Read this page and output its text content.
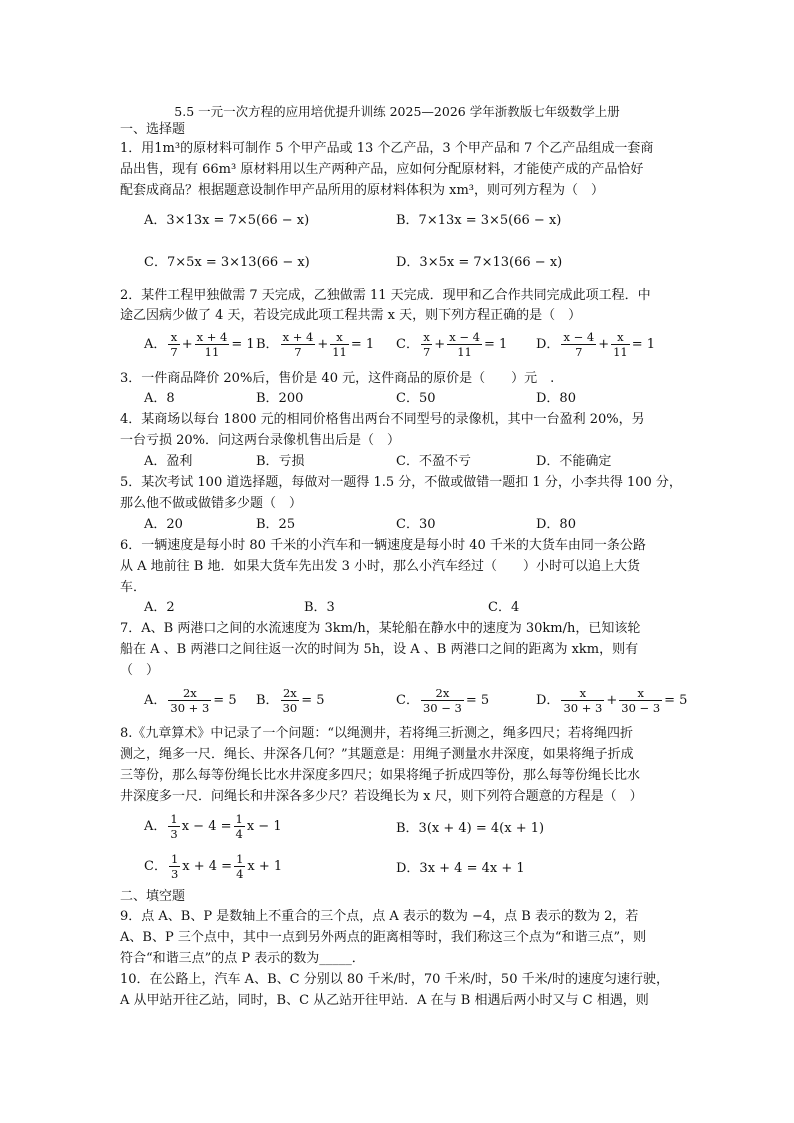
5.5 一元一次方程的应用培优提升训练 2025—2026 学年浙教版七年级数学上册
一、选择题
1．用1m³的原材料可制作 5 个甲产品或 13 个乙产品，3 个甲产品和 7 个乙产品组成一套商
品出售，现有 66m³ 原材料用以生产两种产品，应如何分配原材料，才能使产成的产品恰好
配套成商品？根据题意设制作甲产品所用的原材料体积为 xm³，则可列方程为（　）
A．3×13x = 7×5(66 − x)	B．7×13x = 3×5(66 − x)
C．7×5x = 3×13(66 − x)	D．3×5x = 7×13(66 − x)
2．某件工程甲独做需 7 天完成，乙独做需 11 天完成．现甲和乙合作共同完成此项工程．中
途乙因病少做了 4 天，若设完成此项工程共需 x 天，则下列方程正确的是（　）
A． $\frac{x}{7} + \frac{x + 4}{11} = 1$ B． $\frac{x + 4}{7} + \frac{x}{11} = 1$ C． $\frac{x}{7} + \frac{x - 4}{11} = 1$ D． $\frac{x - 4}{7} + \frac{x}{11} = 1$
3．一件商品降价 20%后，售价是 40 元，这件商品的原价是（　　）元　.
A．8	B．200	C．50	D．80
4．某商场以每台 1800 元的相同价格售出两台不同型号的录像机，其中一台盈利 20%，另
一台亏损 20%．问这两台录像机售出后是（　）
A．盈利	B．亏损	C．不盈不亏	D．不能确定
5．某次考试 100 道选择题，每做对一题得 1.5 分，不做或做错一题扣 1 分，小李共得 100 分，
那么他不做或做错多少题（　）
A．20	B．25	C．30	D．80
6．一辆速度是每小时 80 千米的小汽车和一辆速度是每小时 40 千米的大货车由同一条公路
从 A 地前往 B 地．如果大货车先出发 3 小时，那么小汽车经过（　　）小时可以追上大货
车．
A．2	B．3	C．4
7．A、B 两港口之间的水流速度为 3km/h，某轮船在静水中的速度为 30km/h，已知该轮
船在 A 、B 两港口之间往返一次的时间为 5h，设 A 、B 两港口之间的距离为 xkm，则有
（　）
A． $\frac{2x}{30 + 3} = 5$ B． $\frac{2x}{30} = 5$	C． $\frac{2x}{30 - 3} = 5$	D． $\frac{x}{30 + 3} + \frac{x}{30 - 3} = 5$
8.《九章算术》中记录了一个问题：“以绳测井，若将绳三折测之，绳多四尺；若将绳四折
测之，绳多一尺．绳长、井深各几何？”其题意是：用绳子测量水井深度，如果将绳子折成
三等份，那么每等份绳长比水井深度多四尺；如果将绳子折成四等份，那么每等份绳长比水
井深度多一尺．问绳长和井深各多少尺？若设绳长为 x 尺，则下列符合题意的方程是（　）
A． $\frac{1}{3}$ $x - 4 = \frac{1}{4}$ x − 1	B．3(x + 4) = 4(x + 1)
C． $\frac{1}{3}$ $x + 4 = \frac{1}{4}$ x + 1	D．3x + 4 = 4x + 1
二、填空题
9．点 A、B、P 是数轴上不重合的三个点，点 A 表示的数为 −4，点 B 表示的数为 2，若
A、B、P 三个点中，其中一点到另外两点的距离相等时，我们称这三个点为“和谐三点”，则
符合“和谐三点”的点 P 表示的数为_____．
10．在公路上，汽车 A、B、C 分别以 80 千米/时，70 千米/时，50 千米/时的速度匀速行驶，
A 从甲站开往乙站，同时，B、C 从乙站开往甲站．A 在与 B 相遇后两小时又与 C 相遇，则
